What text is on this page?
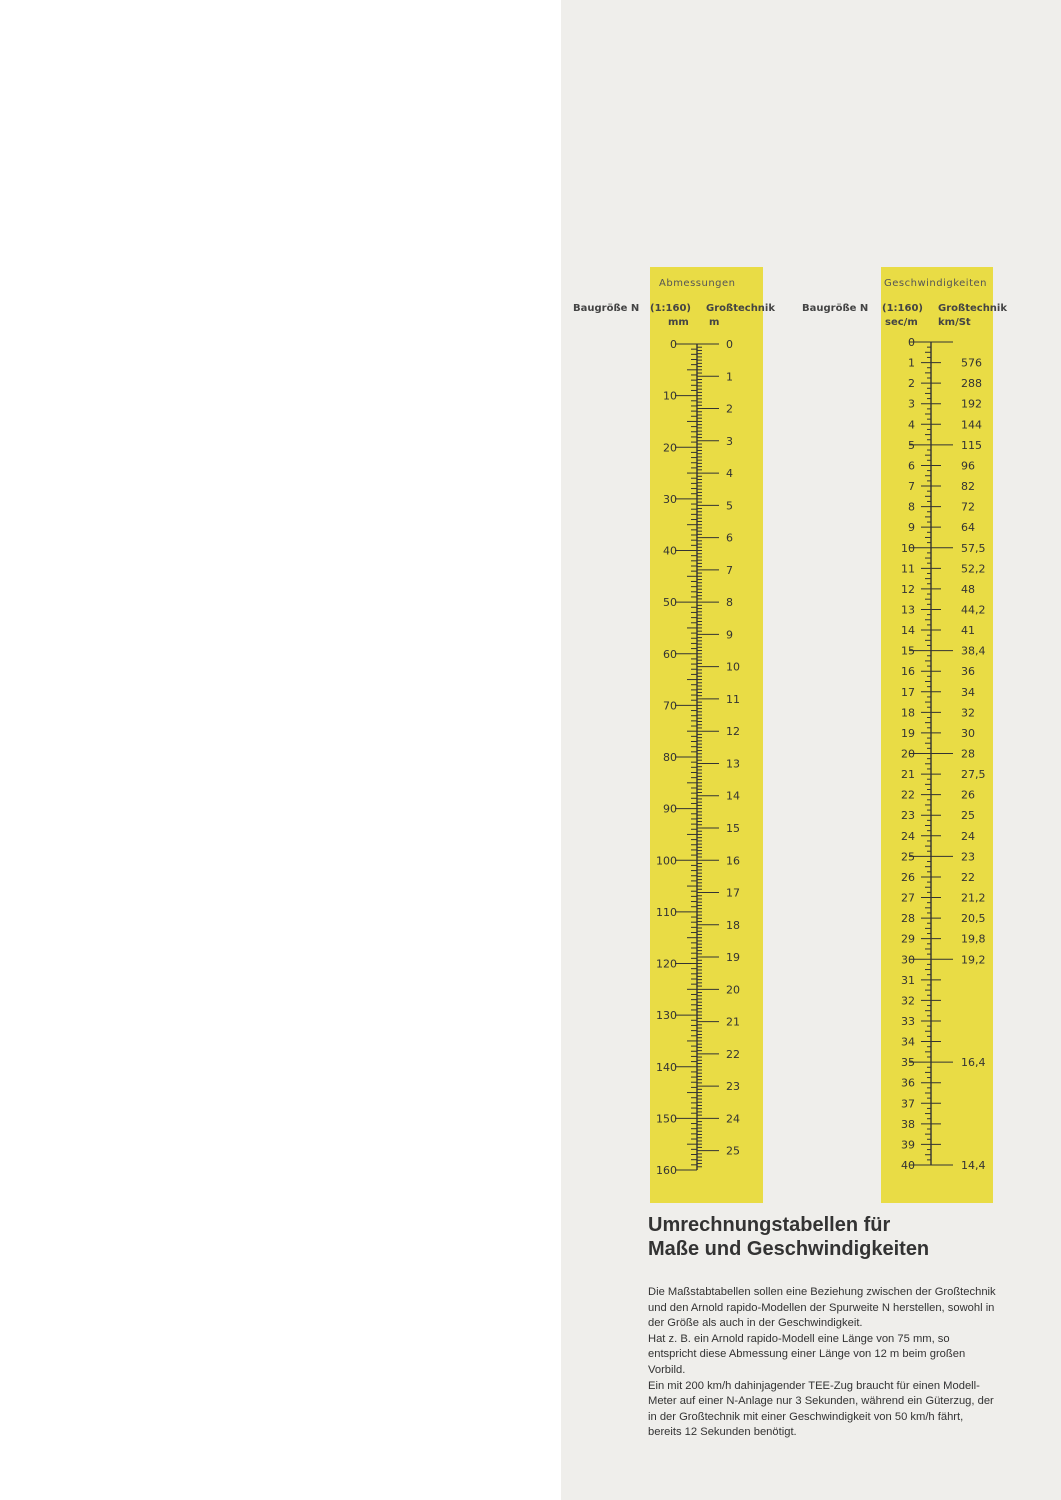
Abmessungen
Baugröße N (1:160)
mm
Großtechnik
m
Geschwindigkeiten
Baugröße N (1:160)
sec/m
Großtechnik
km/St
0
10
20
30
40
50
60
70
80
90
100
110
120
130
140
150
160
0
1
2
3
4
5
6
7
8
9
10
11
12
13
14
15
16
17
18
19
20
21
22
23
24
25
0
1
2
3
4
5
6
7
8
9
10
11
12
13
14
15
16
17
18
19
20
21
22
23
24
25
26
27
28
29
30
31
32
33
34
35
36
37
38
39
40
576
288
192
144
115
96
82
72
64
57,5
52,2
48
44,2
41
38,4
36
34
32
30
28
27,5
26
25
24
23
22
21,2
20,5
19,8
19,2
16,4
14,4
Umrechnungstabellen für
Maße und Geschwindigkeiten

Die Maßstabtabellen sollen eine Beziehung zwischen der Großtechnik und den Arnold rapido-Modellen der Spurweite N herstellen, sowohl in der Größe als auch in der Geschwindigkeit.

Hat z. B. ein Arnold rapido-Modell eine Länge von 75 mm, so entspricht diese Abmessung einer Länge von 12 m beim großen Vorbild.

Ein mit 200 km/h dahinjagender TEE-Zug braucht für einen Modell-Meter auf einer N-Anlage nur 3 Sekunden, während ein Güterzug, der in der Großtechnik mit einer Geschwindigkeit von 50 km/h fährt, bereits 12 Sekunden benötigt.
